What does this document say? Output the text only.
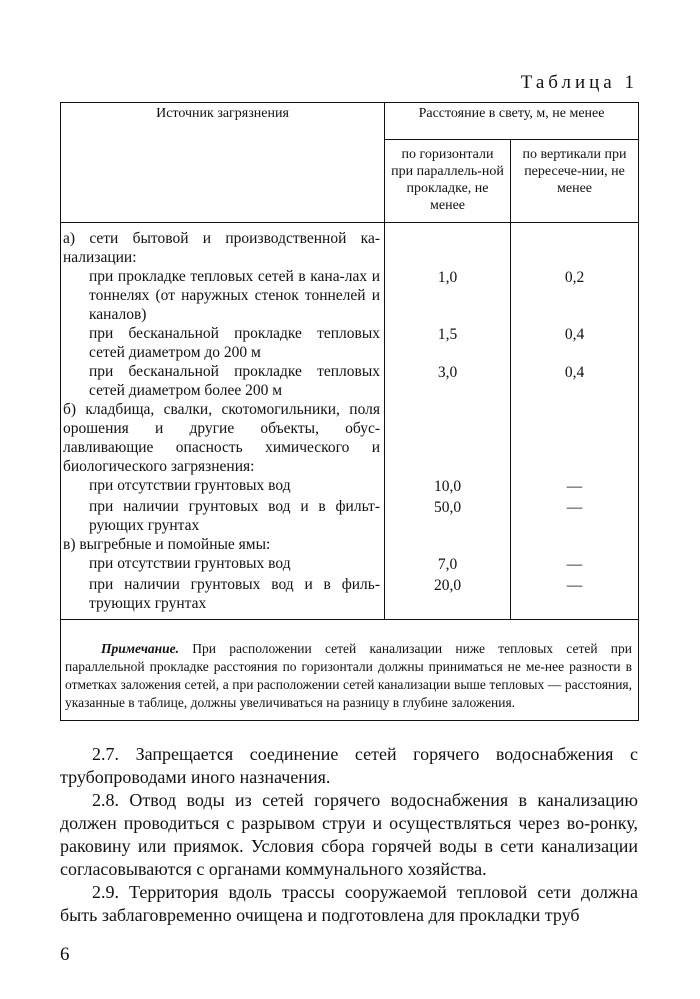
Таблица 1
Источник загрязнения	Расстояние в свету, м, не менее	
	по горизонтали при параллель-ной прокладке, не менее	по вертикали при пересече-нии, не менее
а) сети бытовой и производственной ка-нализации:		
при прокладке тепловых сетей в кана-лах и тоннелях (от наружных стенок тоннелей и каналов)	1,0	0,2
при бесканальной прокладке тепловых сетей диаметром до 200 м	1,5	0,4
при бесканальной прокладке тепловых сетей диаметром более 200 м	3,0	0,4
б) кладбища, свалки, скотомогильники, поля орошения и другие объекты, обус-лавливающие опасность химического и биологического загрязнения:		
при отсутствии грунтовых вод	10,0	—
при наличии грунтовых вод и в фильт-рующих грунтах	50,0	—
в) выгребные и помойные ямы:		
при отсутствии грунтовых вод	7,0	—
при наличии грунтовых вод и в филь-трующих грунтах	20,0	—
Примечание. При расположении сетей канализации ниже тепловых сетей при параллельной прокладке расстояния по горизонтали должны приниматься не ме-нее разности в отметках заложения сетей, а при расположении сетей канализации выше тепловых — расстояния, указанные в таблице, должны увеличиваться на разницу в глубине заложения.		

2.7. Запрещается соединение сетей горячего водоснабжения с трубопроводами иного назначения.

2.8. Отвод воды из сетей горячего водоснабжения в канализацию должен проводиться с разрывом струи и осуществляться через во-ронку, раковину или приямок. Условия сбора горячей воды в сети канализации согласовываются с органами коммунального хозяйства.

2.9. Территория вдоль трассы сооружаемой тепловой сети должна быть заблаговременно очищена и подготовлена для прокладки труб

6
